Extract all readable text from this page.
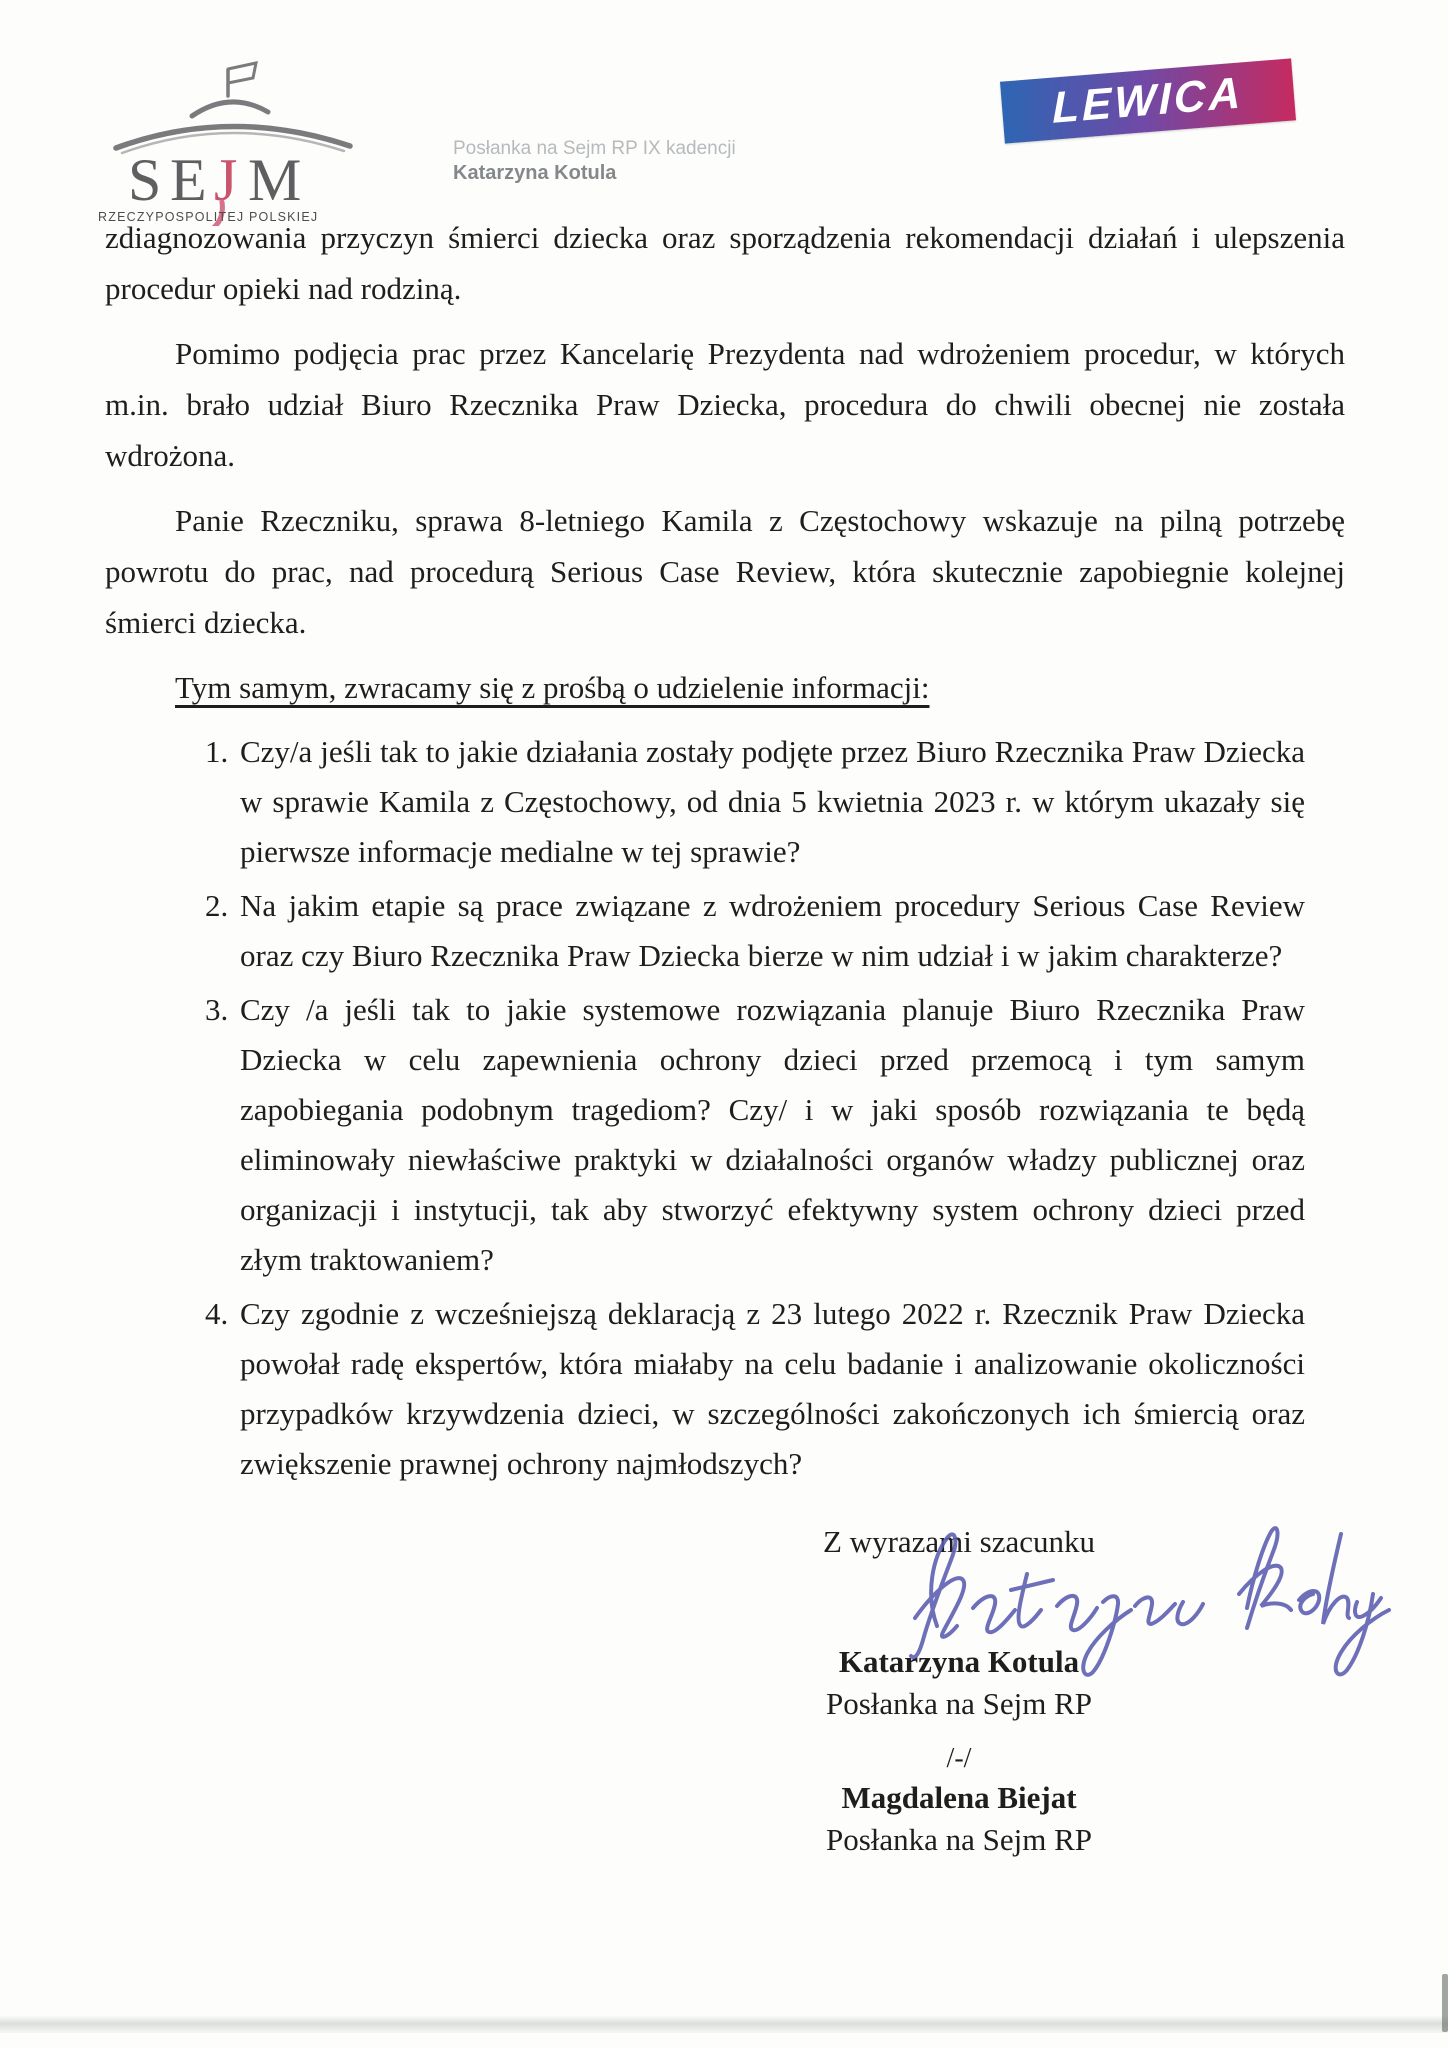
S E J M
RZECZYPOSPOLITEJ POLSKIEJ
Posłanka na Sejm RP IX kadencji
Katarzyna Kotula
LEWICA

zdiagnozowania przyczyn śmierci dziecka oraz sporządzenia rekomendacji działań i ulepszenia procedur opieki nad rodziną.

Pomimo podjęcia prac przez Kancelarię Prezydenta nad wdrożeniem procedur, w których m.in. brało udział Biuro Rzecznika Praw Dziecka, procedura do chwili obecnej nie została wdrożona.

Panie Rzeczniku, sprawa 8-letniego Kamila z Częstochowy wskazuje na pilną potrzebę powrotu do prac, nad procedurą Serious Case Review, która skutecznie zapobiegnie kolejnej śmierci dziecka.

Tym samym, zwracamy się z prośbą o udzielenie informacji:

1. Czy/a jeśli tak to jakie działania zostały podjęte przez Biuro Rzecznika Praw Dziecka w sprawie Kamila z Częstochowy, od dnia 5 kwietnia 2023 r. w którym ukazały się pierwsze informacje medialne w tej sprawie?
2. Na jakim etapie są prace związane z wdrożeniem procedury Serious Case Review oraz czy Biuro Rzecznika Praw Dziecka bierze w nim udział i w jakim charakterze?
3. Czy /a jeśli tak to jakie systemowe rozwiązania planuje Biuro Rzecznika Praw Dziecka w celu zapewnienia ochrony dzieci przed przemocą i tym samym zapobiegania podobnym tragediom? Czy/ i w jaki sposób rozwiązania te będą eliminowały niewłaściwe praktyki w działalności organów władzy publicznej oraz organizacji i instytucji, tak aby stworzyć efektywny system ochrony dzieci przed złym traktowaniem?
4. Czy zgodnie z wcześniejszą deklaracją z 23 lutego 2022 r. Rzecznik Praw Dziecka powołał radę ekspertów, która miałaby na celu badanie i analizowanie okoliczności przypadków krzywdzenia dzieci, w szczególności zakończonych ich śmiercią oraz zwiększenie prawnej ochrony najmłodszych?
Z wyrazami szacunku
Katarzyna Kotula
Posłanka na Sejm RP
/-/
Magdalena Biejat
Posłanka na Sejm RP
